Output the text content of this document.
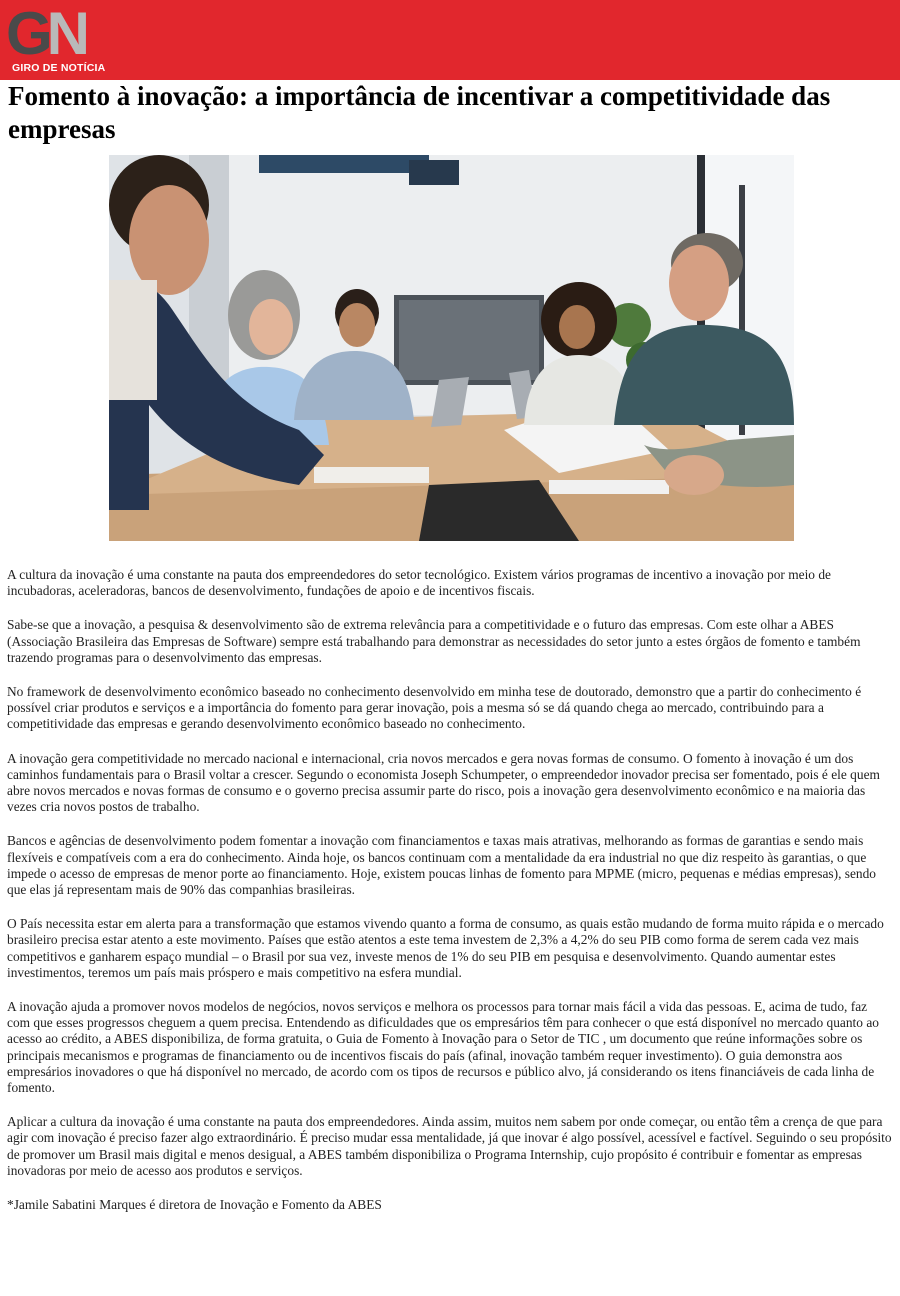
GN
GIRO DE NOTÍCIA
Fomento à inovação: a importância de incentivar a competitividade das empresas

A cultura da inovação é uma constante na pauta dos empreendedores do setor tecnológico. Existem vários programas de incentivo a inovação por meio de incubadoras, aceleradoras, bancos de desenvolvimento, fundações de apoio e de incentivos fiscais.

Sabe-se que a inovação, a pesquisa & desenvolvimento são de extrema relevância para a competitividade e o futuro das empresas. Com este olhar a ABES (Associação Brasileira das Empresas de Software) sempre está trabalhando para demonstrar as necessidades do setor junto a estes órgãos de fomento e também trazendo programas para o desenvolvimento das empresas.

No framework de desenvolvimento econômico baseado no conhecimento desenvolvido em minha tese de doutorado, demonstro que a partir do conhecimento é possível criar produtos e serviços e a importância do fomento para gerar inovação, pois a mesma só se dá quando chega ao mercado, contribuindo para a competitividade das empresas e gerando desenvolvimento econômico baseado no conhecimento.

A inovação gera competitividade no mercado nacional e internacional, cria novos mercados e gera novas formas de consumo. O fomento à inovação é um dos caminhos fundamentais para o Brasil voltar a crescer. Segundo o economista Joseph Schumpeter, o empreendedor inovador precisa ser fomentado, pois é ele quem abre novos mercados e novas formas de consumo e o governo precisa assumir parte do risco, pois a inovação gera desenvolvimento econômico e na maioria das vezes cria novos postos de trabalho.

Bancos e agências de desenvolvimento podem fomentar a inovação com financiamentos e taxas mais atrativas, melhorando as formas de garantias e sendo mais flexíveis e compatíveis com a era do conhecimento. Ainda hoje, os bancos continuam com a mentalidade da era industrial no que diz respeito às garantias, o que impede o acesso de empresas de menor porte ao financiamento. Hoje, existem poucas linhas de fomento para MPME (micro, pequenas e médias empresas), sendo que elas já representam mais de 90% das companhias brasileiras.

O País necessita estar em alerta para a transformação que estamos vivendo quanto a forma de consumo, as quais estão mudando de forma muito rápida e o mercado brasileiro precisa estar atento a este movimento. Países que estão atentos a este tema investem de 2,3% a 4,2% do seu PIB como forma de serem cada vez mais competitivos e ganharem espaço mundial – o Brasil por sua vez, investe menos de 1% do seu PIB em pesquisa e desenvolvimento. Quando aumentar estes investimentos, teremos um país mais próspero e mais competitivo na esfera mundial.

A inovação ajuda a promover novos modelos de negócios, novos serviços e melhora os processos para tornar mais fácil a vida das pessoas. E, acima de tudo, faz com que esses progressos cheguem a quem precisa. Entendendo as dificuldades que os empresários têm para conhecer o que está disponível no mercado quanto ao acesso ao crédito, a ABES disponibiliza, de forma gratuita, o Guia de Fomento à Inovação para o Setor de TIC , um documento que reúne informações sobre os principais mecanismos e programas de financiamento ou de incentivos fiscais do país (afinal, inovação também requer investimento). O guia demonstra aos empresários inovadores o que há disponível no mercado, de acordo com os tipos de recursos e público alvo, já considerando os itens financiáveis de cada linha de fomento.

Aplicar a cultura da inovação é uma constante na pauta dos empreendedores. Ainda assim, muitos nem sabem por onde começar, ou então têm a crença de que para agir com inovação é preciso fazer algo extraordinário. É preciso mudar essa mentalidade, já que inovar é algo possível, acessível e factível. Seguindo o seu propósito de promover um Brasil mais digital e menos desigual, a ABES também disponibiliza o Programa Internship, cujo propósito é contribuir e fomentar as empresas inovadoras por meio de acesso aos produtos e serviços.

*Jamile Sabatini Marques é diretora de Inovação e Fomento da ABES
